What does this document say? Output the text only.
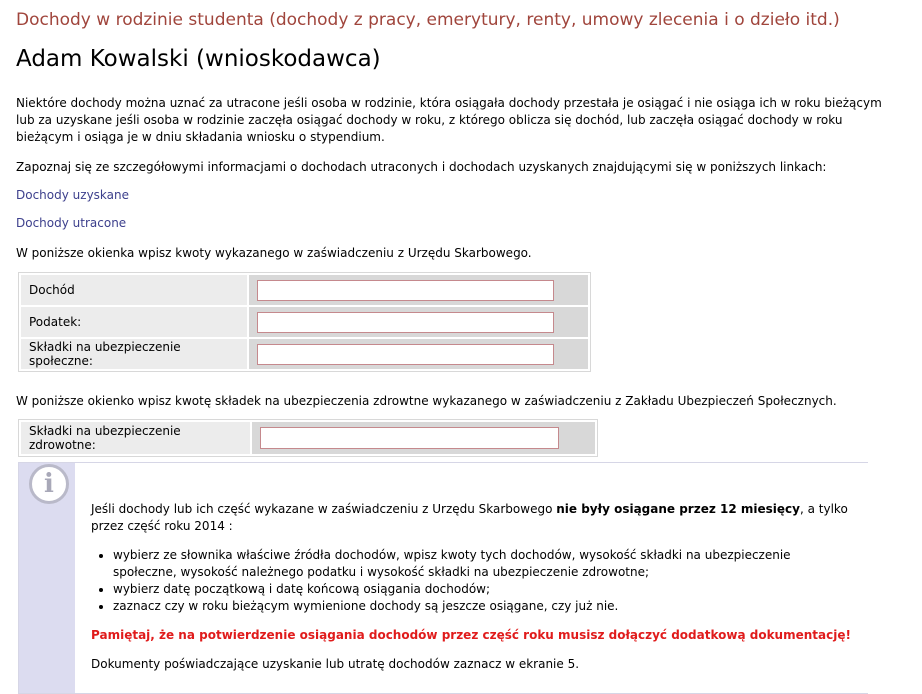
Dochody w rodzinie studenta (dochody z pracy, emerytury, renty, umowy zlecenia i o dzieło itd.)
Adam Kowalski (wnioskodawca)

Niektóre dochody można uznać za utracone jeśli osoba w rodzinie, która osiągała dochody przestała je osiągać i nie osiąga ich w roku bieżącym lub za uzyskane jeśli osoba w rodzinie zaczęła osiągać dochody w roku, z którego oblicza się dochód, lub zaczęła osiągać dochody w roku bieżącym i osiąga je w dniu składania wniosku o stypendium.

Zapoznaj się ze szczegółowymi informacjami o dochodach utraconych i dochodach uzyskanych znajdującymi się w poniższych linkach:

Dochody uzyskane
Dochody utracone

W poniższe okienka wpisz kwoty wykazanego w zaświadczeniu z Urzędu Skarbowego.

Dochód	

Podatek:	

Składki na ubezpieczenie społeczne:	

W poniższe okienko wpisz kwotę składek na ubezpieczenia zdrowtne wykazanego w zaświadczeniu z Zakładu Ubezpieczeń Społecznych.

Składki na ubezpieczenie zdrowotne:	
i

Jeśli dochody lub ich część wykazane w zaświadczeniu z Urzędu Skarbowego nie były osiągane przez 12 miesięcy, a tylko przez część roku 2014 :

• wybierz ze słownika właściwe źródła dochodów, wpisz kwoty tych dochodów, wysokość składki na ubezpieczenie społeczne, wysokość należnego podatku i wysokość składki na ubezpieczenie zdrowotne;
• wybierz datę początkową i datę końcową osiągania dochodów;
• zaznacz czy w roku bieżącym wymienione dochody są jeszcze osiągane, czy już nie.

Pamiętaj, że na potwierdzenie osiągania dochodów przez część roku musisz dołączyć dodatkową dokumentację!

Dokumenty poświadczające uzyskanie lub utratę dochodów zaznacz w ekranie 5.
